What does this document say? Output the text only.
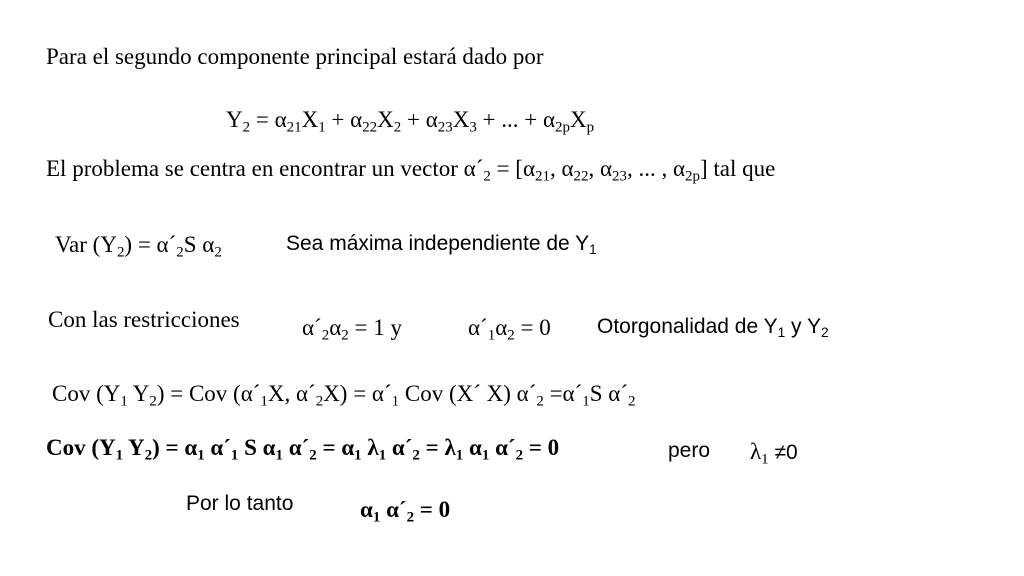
Para el segundo componente principal estará dado por
$Y_2 = \alpha_{21}X_1 + \alpha_{22}X_2 + \alpha_{23}X_3$ + ... + $\alpha_{2p}X_p$
El problema se centra en encontrar un vector $\alpha´_2 = [\alpha_{21}$, $\alpha_{22}$, $\alpha_{23}$, ... , $\alpha_{2p}$] tal que
Var $(Y_2)$ = $\alpha´_2S$ $\alpha_2$	Sea máxima independiente de $Y_1$
Con las restricciones	$\alpha´_2\alpha_2 = 1$ y	$\alpha´_1\alpha_2 = 0$ Otorgonalidad de $Y_1$ y $Y_2$
Cov ($Y_1$ $Y_2$) = Cov ($\alpha´_1X$, $\alpha´_2X$) = $\alpha´_1$ Cov (X´ X) $\alpha´_2$ $=\alpha´_1S$ $\alpha´_2$
Cov ($Y_1$ $Y_2) = \alpha_1$ $\alpha´_1$ S $\alpha_1$ $\alpha´_2 = \alpha_1$ $\lambda_1$ $\alpha´_2 = \lambda_1$ $\alpha_1$ $\alpha´_2 = 0$	pero $\lambda_1 \ne 0$
Por lo tanto	$\alpha_1$ $\alpha´_2 = 0$
